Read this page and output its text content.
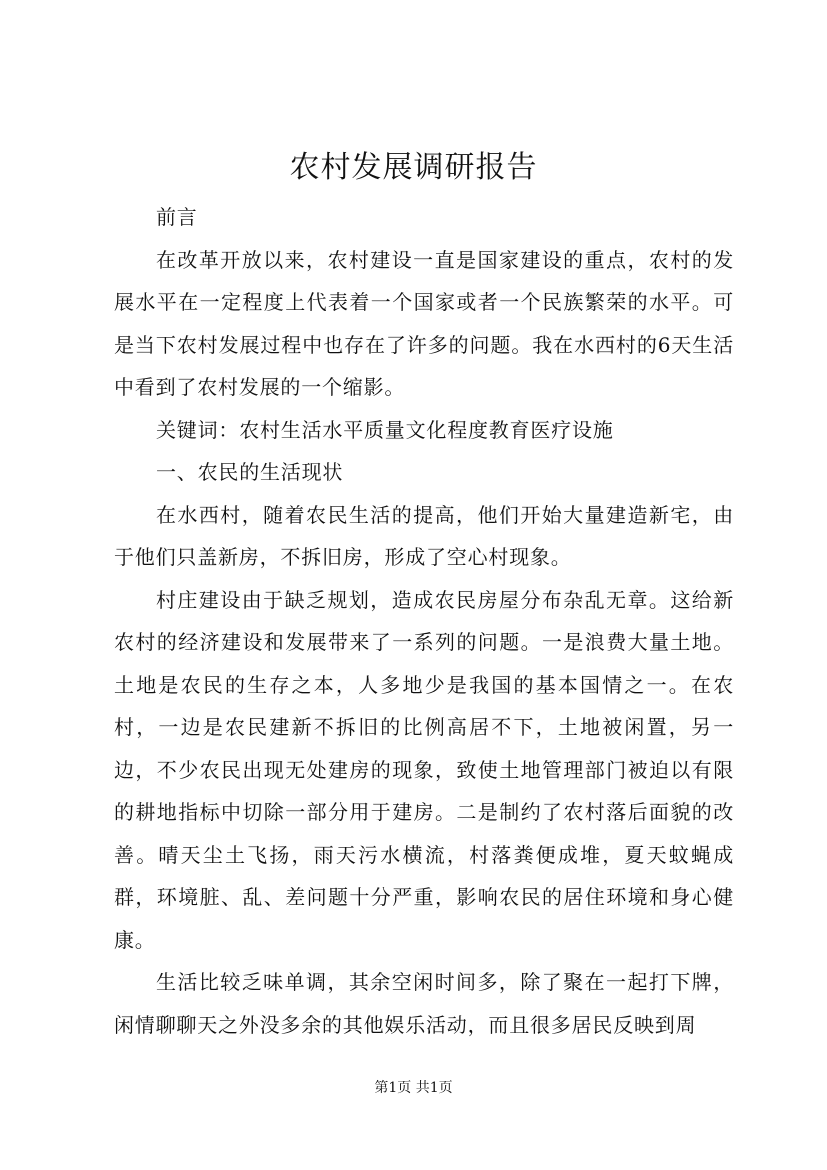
农村发展调研报告

前言

在改革开放以来，农村建设一直是国家建设的重点，农村的发展水平在一定程度上代表着一个国家或者一个民族繁荣的水平。可是当下农村发展过程中也存在了许多的问题。我在水西村的6天生活中看到了农村发展的一个缩影。

关键词：农村生活水平质量文化程度教育医疗设施

一、农民的生活现状

在水西村，随着农民生活的提高，他们开始大量建造新宅，由于他们只盖新房，不拆旧房，形成了空心村现象。

村庄建设由于缺乏规划，造成农民房屋分布杂乱无章。这给新农村的经济建设和发展带来了一系列的问题。一是浪费大量土地。土地是农民的生存之本，人多地少是我国的基本国情之一。在农村，一边是农民建新不拆旧的比例高居不下，土地被闲置，另一边，不少农民出现无处建房的现象，致使土地管理部门被迫以有限的耕地指标中切除一部分用于建房。二是制约了农村落后面貌的改善。晴天尘土飞扬，雨天污水横流，村落粪便成堆，夏天蚊蝇成群，环境脏、乱、差问题十分严重，影响农民的居住环境和身心健康。

生活比较乏味单调，其余空闲时间多，除了聚在一起打下牌，闲情聊聊天之外没多余的其他娱乐活动，而且很多居民反映到周

第1页 共1页
